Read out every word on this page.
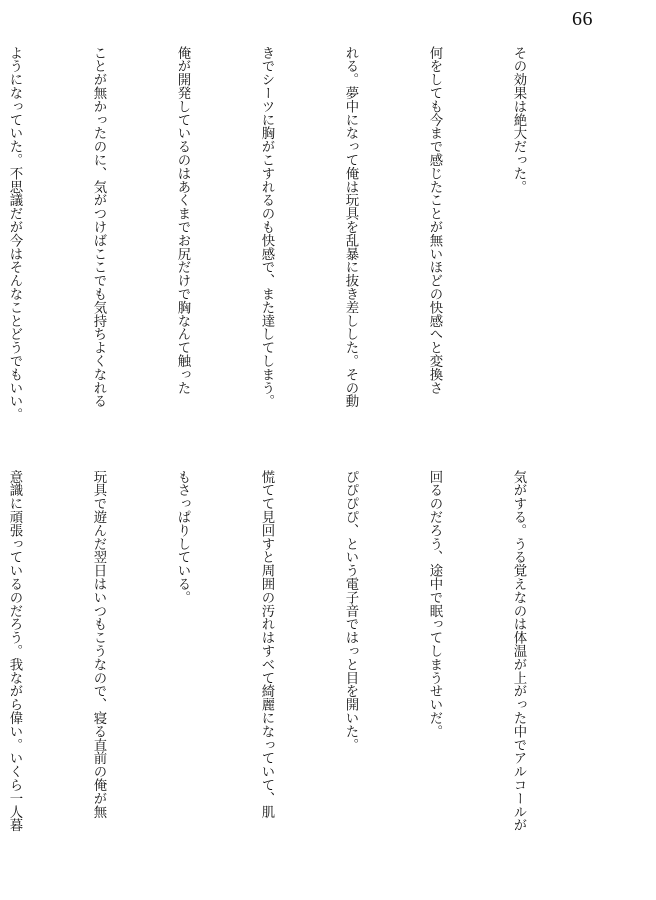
66

その効果は絶大だった。

何をしても今まで感じたことが無いほどの快感へと変換さ

れる。夢中になって俺は玩具を乱暴に抜き差しした。その動

きでシーツに胸がこすれるのも快感で、また達してしまう。

俺が開発しているのはあくまでお尻だけで胸なんて触った

ことが無かったのに、気がつけばここでも気持ちよくなれる

ようになっていた。不思議だが今はそんなことどうでもいい。

気がする。うる覚えなのは体温が上がった中でアルコールが

回るのだろう、途中で眠ってしまうせいだ。

ぴぴぴぴ、という電子音ではっと目を開いた。

慌てて見回すと周囲の汚れはすべて綺麗になっていて、肌

もさっぱりしている。

玩具で遊んだ翌日はいつもこうなので、寝る直前の俺が無

意識に頑張っているのだろう。我ながら偉い。いくら一人暮
